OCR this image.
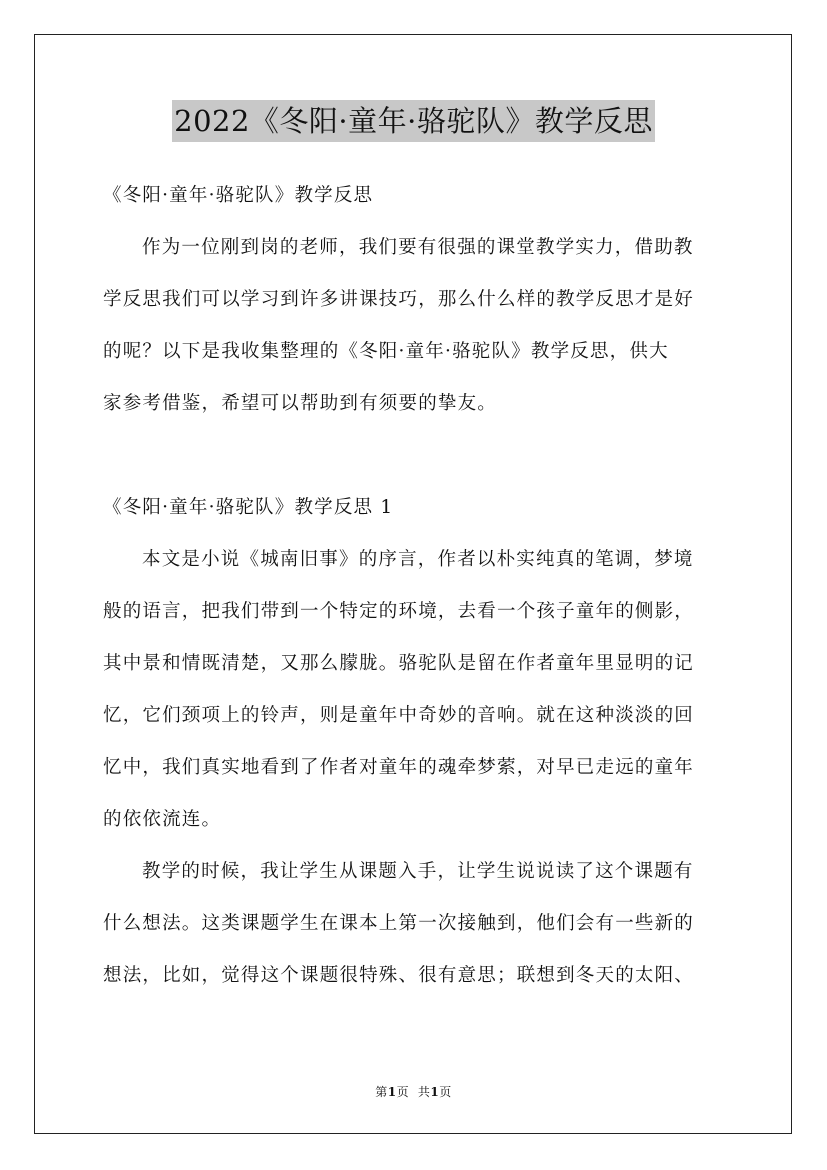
2022《冬阳·童年·骆驼队》教学反思
《冬阳·童年·骆驼队》教学反思
作为一位刚到岗的老师，我们要有很强的课堂教学实力，借助教
学反思我们可以学习到许多讲课技巧，那么什么样的教学反思才是好
的呢？以下是我收集整理的《冬阳·童年·骆驼队》教学反思，供大
家参考借鉴，希望可以帮助到有须要的挚友。
《冬阳·童年·骆驼队》教学反思 1
本文是小说《城南旧事》的序言，作者以朴实纯真的笔调，梦境
般的语言，把我们带到一个特定的环境，去看一个孩子童年的侧影，
其中景和情既清楚，又那么朦胧。骆驼队是留在作者童年里显明的记
忆，它们颈项上的铃声，则是童年中奇妙的音响。就在这种淡淡的回
忆中，我们真实地看到了作者对童年的魂牵梦萦，对早已走远的童年
的依依流连。
教学的时候，我让学生从课题入手，让学生说说读了这个课题有
什么想法。这类课题学生在课本上第一次接触到，他们会有一些新的
想法，比如，觉得这个课题很特殊、很有意思；联想到冬天的太阳、
第1页 共1页
